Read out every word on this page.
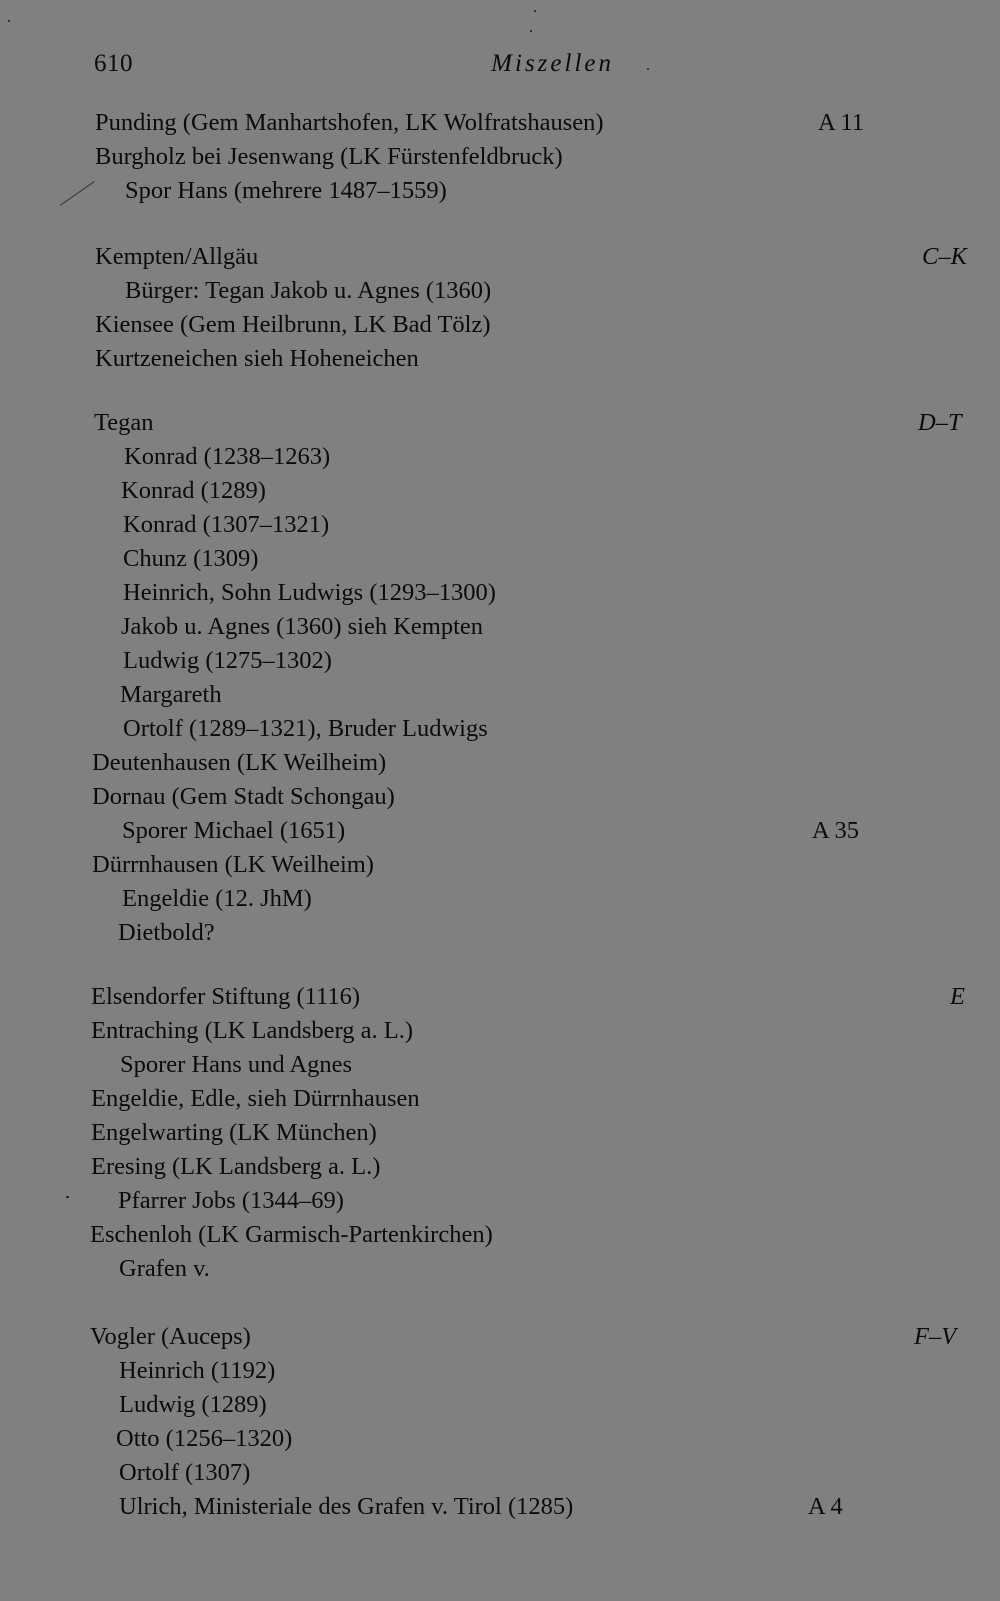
610	Miszellen
Punding (Gem Manhartshofen, LK Wolfratshausen)	A 11
Burgholz bei Jesenwang (LK Fürstenfeldbruck)
Spor Hans (mehrere 1487–1559)
Kempten/Allgäu	C–K
Bürger: Tegan Jakob u. Agnes (1360)
Kiensee (Gem Heilbrunn, LK Bad Tölz)
Kurtzeneichen sieh Hoheneichen
Tegan	D–T
Konrad (1238–1263)
Konrad (1289)
Konrad (1307–1321)
Chunz (1309)
Heinrich, Sohn Ludwigs (1293–1300)
Jakob u. Agnes (1360) sieh Kempten
Ludwig (1275–1302)
Margareth
Ortolf (1289–1321), Bruder Ludwigs
Deutenhausen (LK Weilheim)
Dornau (Gem Stadt Schongau)
Sporer Michael (1651)	A 35
Dürrnhausen (LK Weilheim)
Engeldie (12. JhM)
Dietbold?
Elsendorfer Stiftung (1116)	E
Entraching (LK Landsberg a. L.)
Sporer Hans und Agnes
Engeldie, Edle, sieh Dürrnhausen
Engelwarting (LK München)
Eresing (LK Landsberg a. L.)
Pfarrer Jobs (1344–69)
Eschenloh (LK Garmisch-Partenkirchen)
Grafen v.
Vogler (Auceps)	F–V
Heinrich (1192)
Ludwig (1289)
Otto (1256–1320)
Ortolf (1307)
Ulrich, Ministeriale des Grafen v. Tirol (1285)	A 4
